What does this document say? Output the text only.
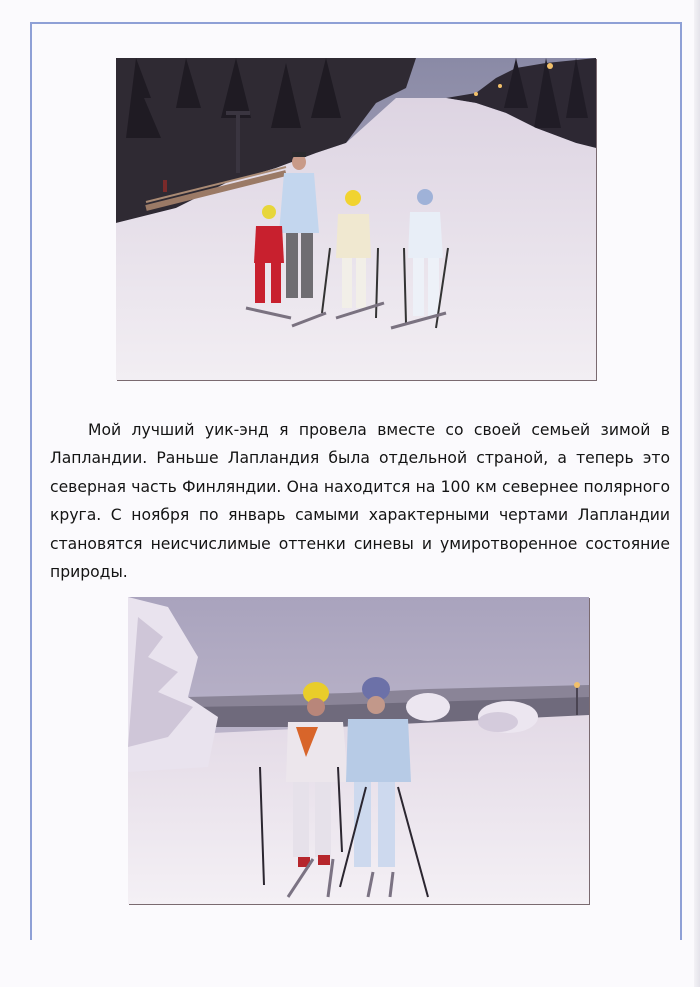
Мой лучший уик-энд я провела вместе со своей семьей зимой в Лапландии. Раньше Лапландия была отдельной страной, а теперь это северная часть Финляндии. Она находится на 100 км севернее полярного круга. С ноября по январь самыми характерными чертами Лапландии становятся неисчислимые оттенки синевы и умиротворенное состояние природы.
